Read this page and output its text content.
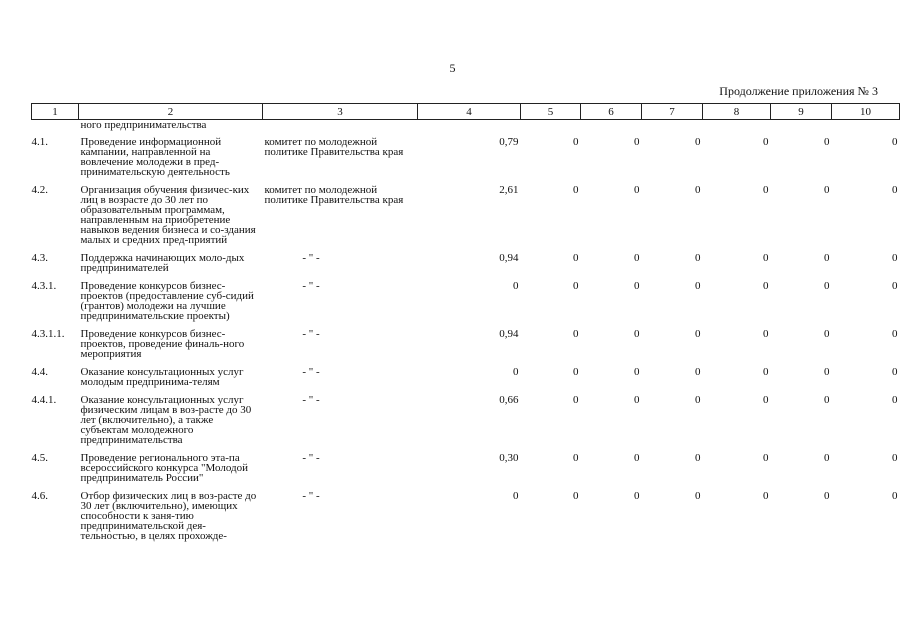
5
Продолжение приложения № 3
1	2	3	4	5	6	7	8	9	10
	ного предпринимательства								
4.1.	Проведение информационной кампании, направленной на вовлечение молодежи в пред-принимательскую деятельность	комитет по молодежной политике Правительства края	0,79	0	0	0	0	0	0
4.2.	Организация обучения физичес-ких лиц в возрасте до 30 лет по образовательным программам, направленным на приобретение навыков ведения бизнеса и со-здания малых и средних пред-приятий	комитет по молодежной политике Правительства края	2,61	0	0	0	0	0	0
4.3.	Поддержка начинающих моло-дых предпринимателей	- " -	0,94	0	0	0	0	0	0
4.3.1.	Проведение конкурсов бизнес-проектов (предоставление суб-сидий (грантов) молодежи на лучшие предпринимательские проекты)	- " -	0	0	0	0	0	0	0
4.3.1.1.	Проведение конкурсов бизнес-проектов, проведение финаль-ного мероприятия	- " -	0,94	0	0	0	0	0	0
4.4.	Оказание консультационных услуг молодым предпринима-телям	- " -	0	0	0	0	0	0	0
4.4.1.	Оказание консультационных услуг физическим лицам в воз-расте до 30 лет (включительно), а также субъектам молодежного предпринимательства	- " -	0,66	0	0	0	0	0	0
4.5.	Проведение регионального эта-па всероссийского конкурса "Молодой предприниматель России"	- " -	0,30	0	0	0	0	0	0
4.6.	Отбор физических лиц в воз-расте до 30 лет (включительно), имеющих способности к заня-тию предпринимательской дея-тельностью, в целях прохожде-	- " -	0	0	0	0	0	0	0
